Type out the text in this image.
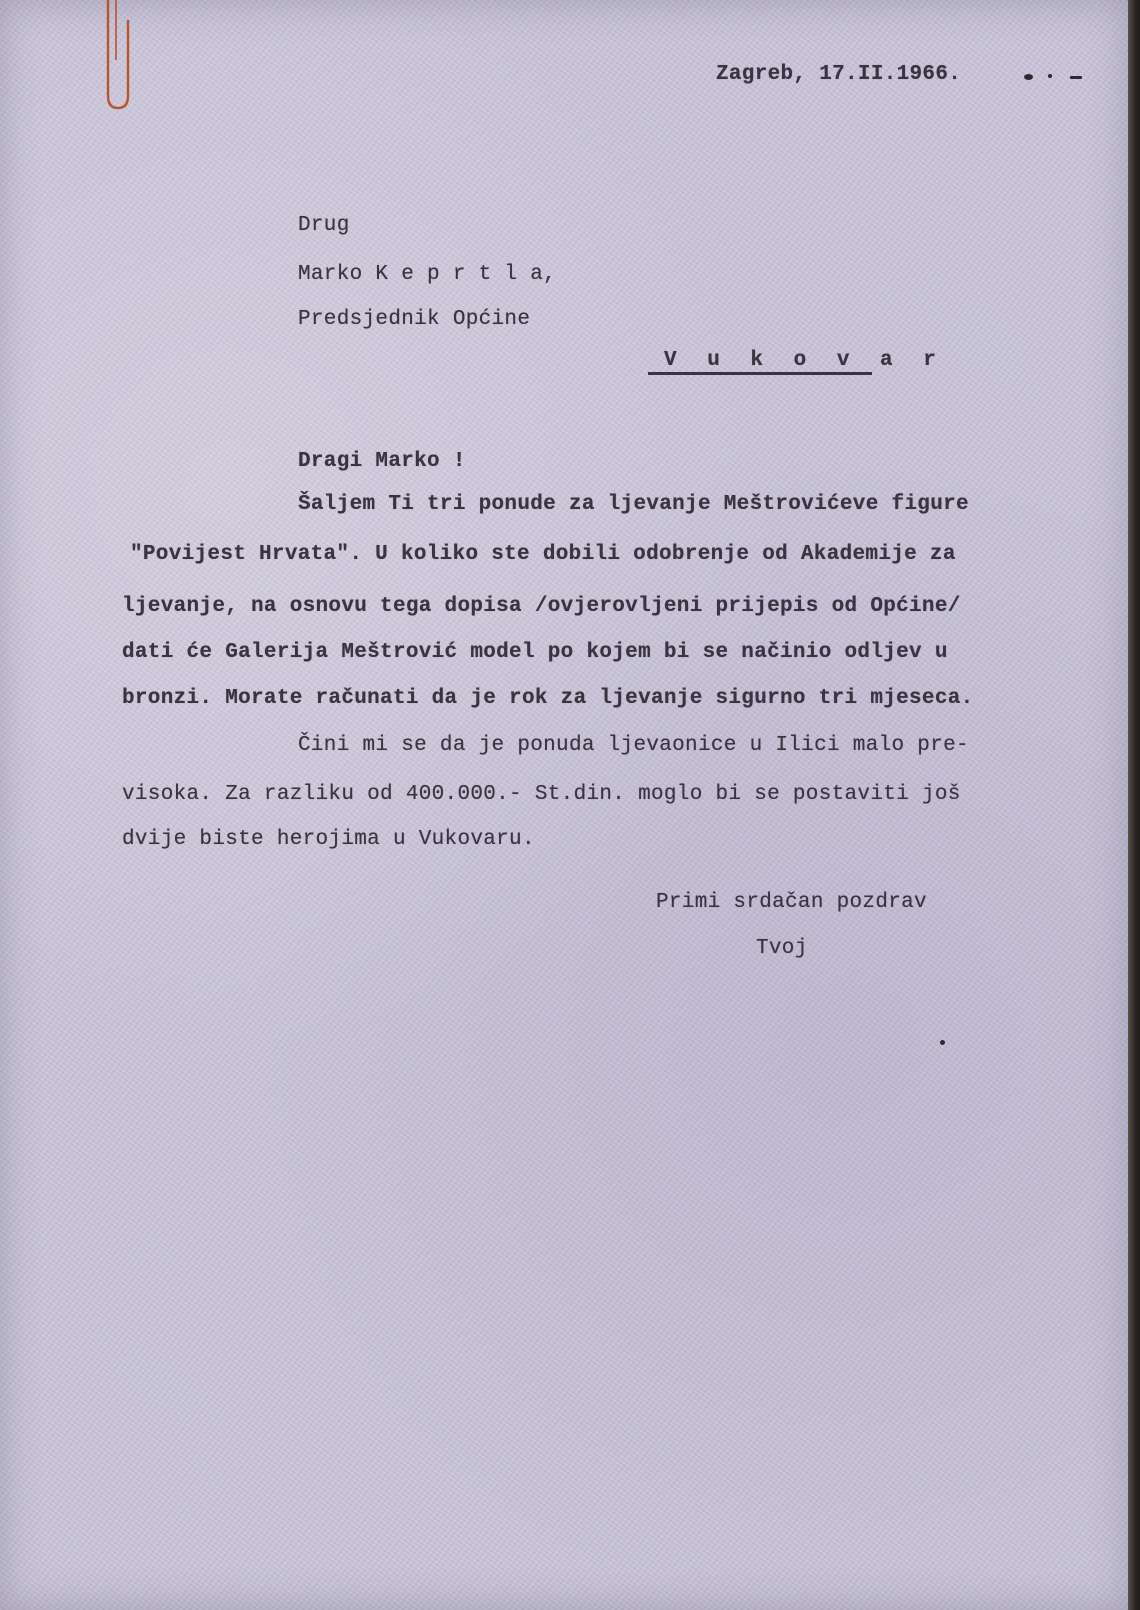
Zagreb, 17.II.1966.

Drug

Marko K e p r t l a,

Predsjednik Općine

V u k o v a r

Dragi Marko !

Šaljem Ti tri ponude za ljevanje Meštrovićeve figure

"Povijest Hrvata". U koliko ste dobili odobrenje od Akademije za

ljevanje, na osnovu tega dopisa /ovjerovljeni prijepis od Općine/

dati će Galerija Meštrović model po kojem bi se načinio odljev u

bronzi. Morate računati da je rok za ljevanje sigurno tri mjeseca.

Čini mi se da je ponuda ljevaonice u Ilici malo pre-

visoka. Za razliku od 400.000.- St.din. moglo bi se postaviti još

dvije biste herojima u Vukovaru.

Primi srdačan pozdrav

Tvoj
